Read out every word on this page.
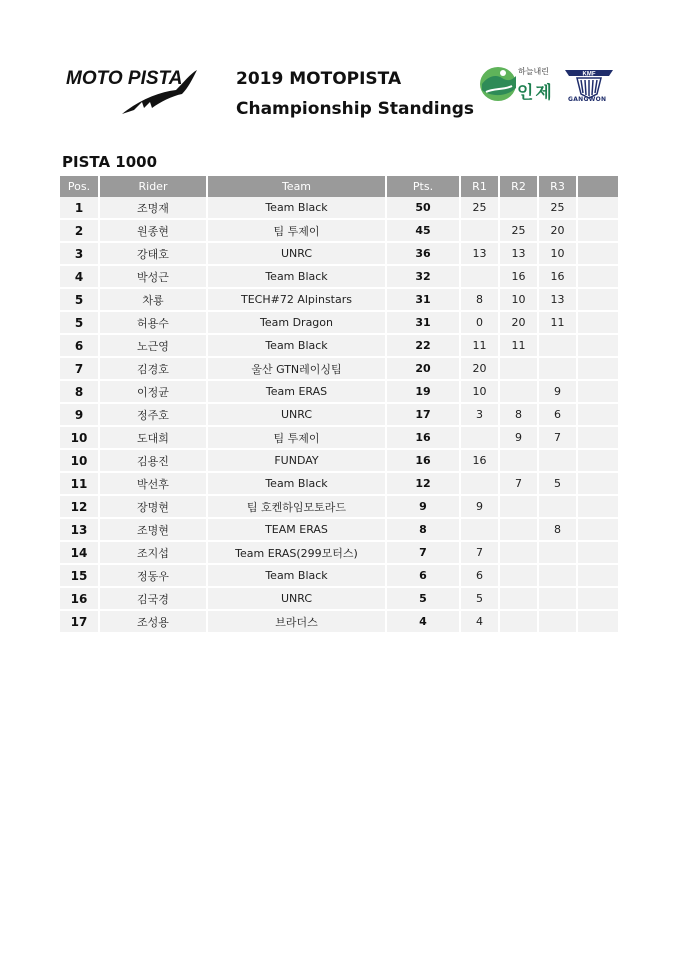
MOTO PISTA	2019 MOTOPISTA
Championship Standings
하늘내린
인제
KMF
GANGWON
PISTA 1000
Pos.	Rider	Team	Pts.	R1	R2	R3	
1	조명재	Team Black	50	25		25	
2	원종현	팀 투제이	45		25	20	
3	강태호	UNRC	36	13	13	10	
4	박성근	Team Black	32		16	16	
5	차룡	TECH#72 Alpinstars	31	8	10	13	
5	허용수	Team Dragon	31	0	20	11	
6	노근영	Team Black	22	11	11		
7	김경호	울산 GTN레이싱팀	20	20			
8	이정균	Team ERAS	19	10		9	
9	정주호	UNRC	17	3	8	6	
10	도대희	팀 투제이	16		9	7	
10	김용진	FUNDAY	16	16			
11	박선후	Team Black	12		7	5	
12	장명현	팀 호켄하임모토라드	9	9			
13	조명현	TEAM ERAS	8			8	
14	조지섭	Team ERAS(299모터스)	7	7			
15	정동우	Team Black	6	6			
16	김국경	UNRC	5	5			
17	조성용	브라더스	4	4			
